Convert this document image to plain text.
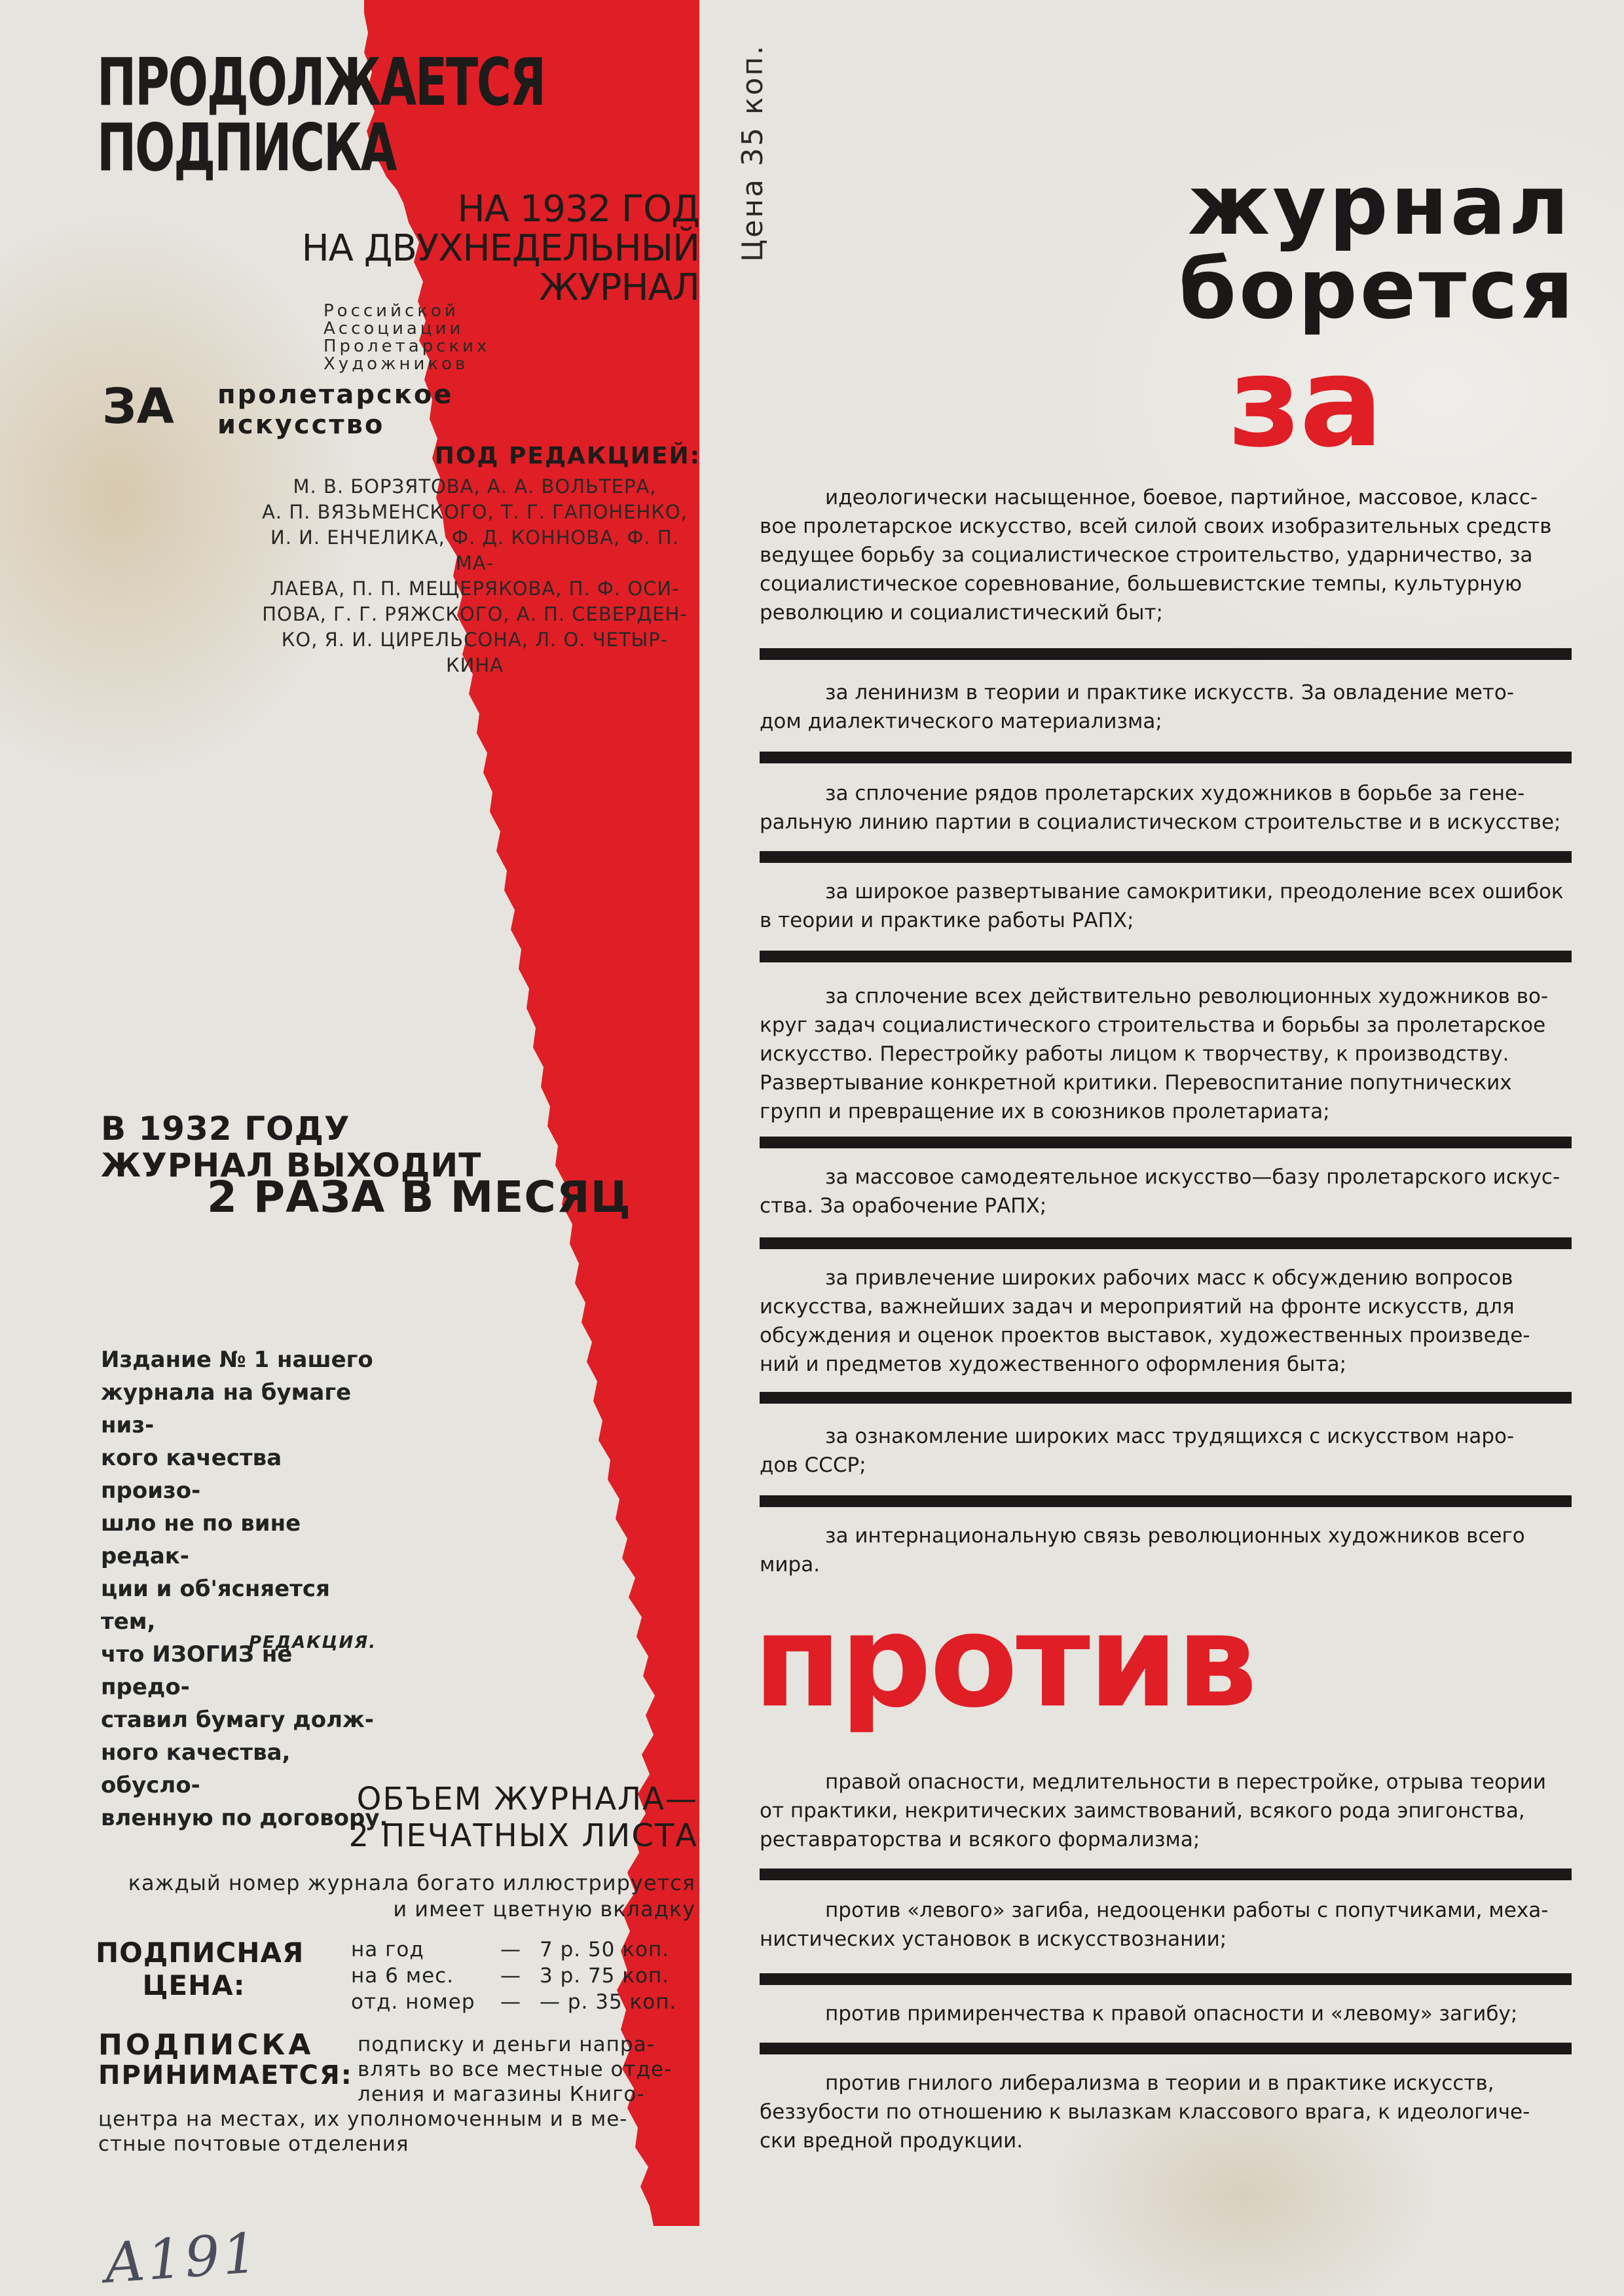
ПРОДОЛЖАЕТСЯ
ПОДПИСКА
НА 1932 ГОД
НА ДВУХНЕДЕЛЬНЫЙ
ЖУРНАЛ
Российской
Ассоциации
Пролетарских
Художников
ЗА пролетарское
искусство
ПОД РЕДАКЦИЕЙ:

М. В. БОРЗЯТОВА, А. А. ВОЛЬТЕРА,

А. П. ВЯЗЬМЕНСКОГО, Т. Г. ГАПОНЕНКО,

И. И. ЕНЧЕЛИКА, Ф. Д. КОННОВА, Ф. П. МА-

ЛАЕВА, П. П. МЕЩЕРЯКОВА, П. Ф. ОСИ-

ПОВА, Г. Г. РЯЖСКОГО, А. П. СЕВЕРДЕН-

КО, Я. И. ЦИРЕЛЬСОНА, Л. О. ЧЕТЫР-

КИНА

В 1932 ГОДУ
ЖУРНАЛ ВЫХОДИТ
2 РАЗА В МЕСЯЦ

Издание № 1 нашего

журнала на бумаге низ-

кого качества произо-

шло не по вине редак-

ции и об'ясняется тем,

что ИЗОГИЗ не предо-

ставил бумагу долж-

ного качества, обусло-

вленную по договору.

РЕДАКЦИЯ.
ОБЪЕМ ЖУРНАЛА—
2 ПЕЧАТНЫХ ЛИСТА
каждый номер журнала богато иллюстрируется
и имеет цветную вкладку
ПОДПИСНАЯ
ЦЕНА:
на год	— 7 р. 50 коп.
на 6 мес. — 3 р. 75 коп.
отд. номер — — р. 35 коп.
ПОДПИСКА
ПРИНИМАЕТСЯ:

подписку и деньги напра-

влять во все местные отде-

ления и магазины Книго-

центра на местах, их уполномоченным и в ме-

стные почтовые отделения

Цена 35 коп.	журнал
борется
за

идеологически насыщенное, боевое, партийное, массовое, класс-

вое пролетарское искусство, всей силой своих изобразительных средств

ведущее борьбу за социалистическое строительство, ударничество, за

социалистическое соревнование, большевистские темпы, культурную

революцию и социалистический быт;

за ленинизм в теории и практике искусств. За овладение мето-

дом диалектического материализма;

за сплочение рядов пролетарских художников в борьбе за гене-

ральную линию партии в социалистическом строительстве и в искусстве;

за широкое развертывание самокритики, преодоление всех ошибок

в теории и практике работы РАПХ;

за сплочение всех действительно революционных художников во-

круг задач социалистического строительства и борьбы за пролетарское

искусство. Перестройку работы лицом к творчеству, к производству.

Развертывание конкретной критики. Перевоспитание попутнических

групп и превращение их в союзников пролетариата;

за массовое самодеятельное искусство—базу пролетарского искус-

ства. За орабочение РАПХ;

за привлечение широких рабочих масс к обсуждению вопросов

искусства, важнейших задач и мероприятий на фронте искусств, для

обсуждения и оценок проектов выставок, художественных произведе-

ний и предметов художественного оформления быта;

за ознакомление широких масс трудящихся с искусством наро-

дов СССР;

за интернациональную связь революционных художников всего

мира.

против

правой опасности, медлительности в перестройке, отрыва теории

от практики, некритических заимствований, всякого рода эпигонства,

реставраторства и всякого формализма;

против «левого» загиба, недооценки работы с попутчиками, меха-

нистических установок в искусствознании;

против примиренчества к правой опасности и «левому» загибу;

против гнилого либерализма в теории и в практике искусств,

беззубости по отношению к вылазкам классового врага, к идеологиче-

ски вредной продукции.

A191
